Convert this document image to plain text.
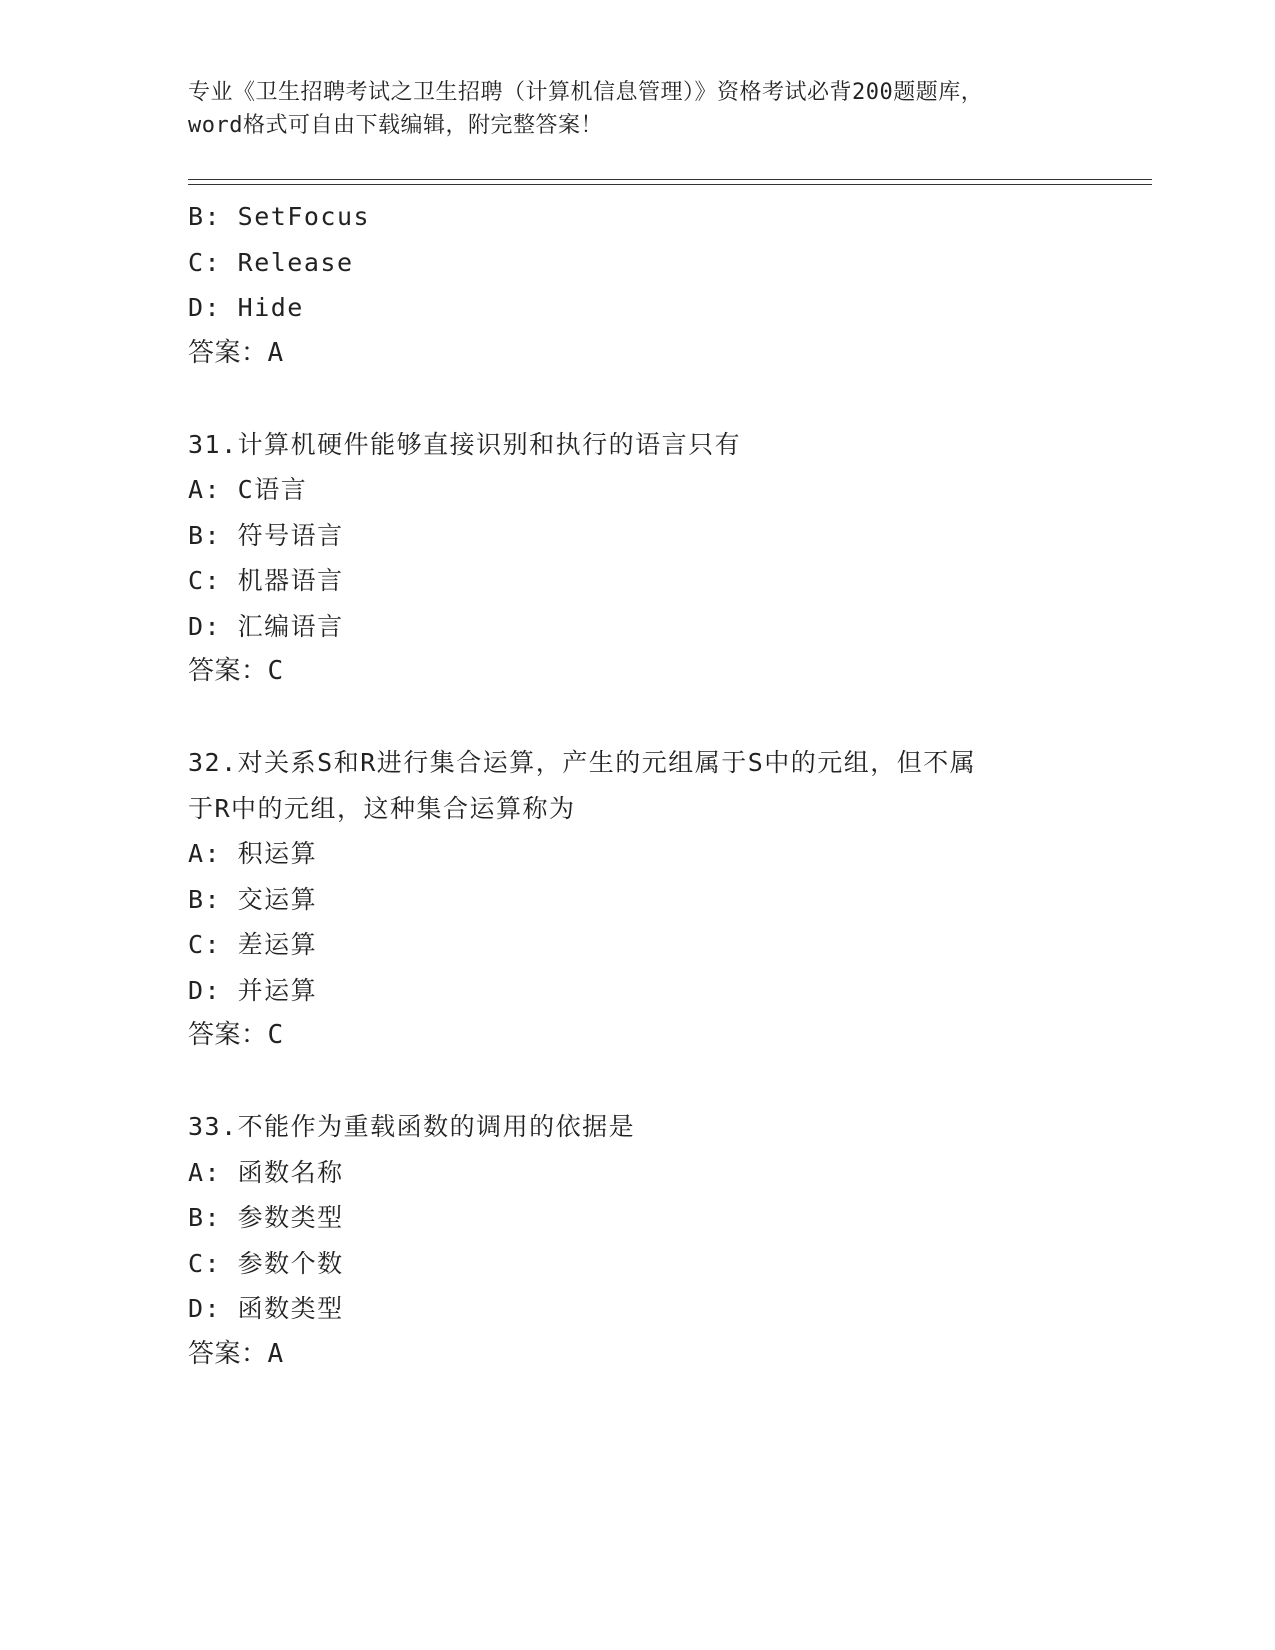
专业《卫生招聘考试之卫生招聘（计算机信息管理）》资格考试必背200题题库，
word格式可自由下载编辑，附完整答案！
B: SetFocus
C: Release
D: Hide
答案：A
31.计算机硬件能够直接识别和执行的语言只有
A: C语言
B: 符号语言
C: 机器语言
D: 汇编语言
答案：C
32.对关系S和R进行集合运算，产生的元组属于S中的元组，但不属
于R中的元组，这种集合运算称为
A: 积运算
B: 交运算
C: 差运算
D: 并运算
答案：C
33.不能作为重载函数的调用的依据是
A: 函数名称
B: 参数类型
C: 参数个数
D: 函数类型
答案：A
